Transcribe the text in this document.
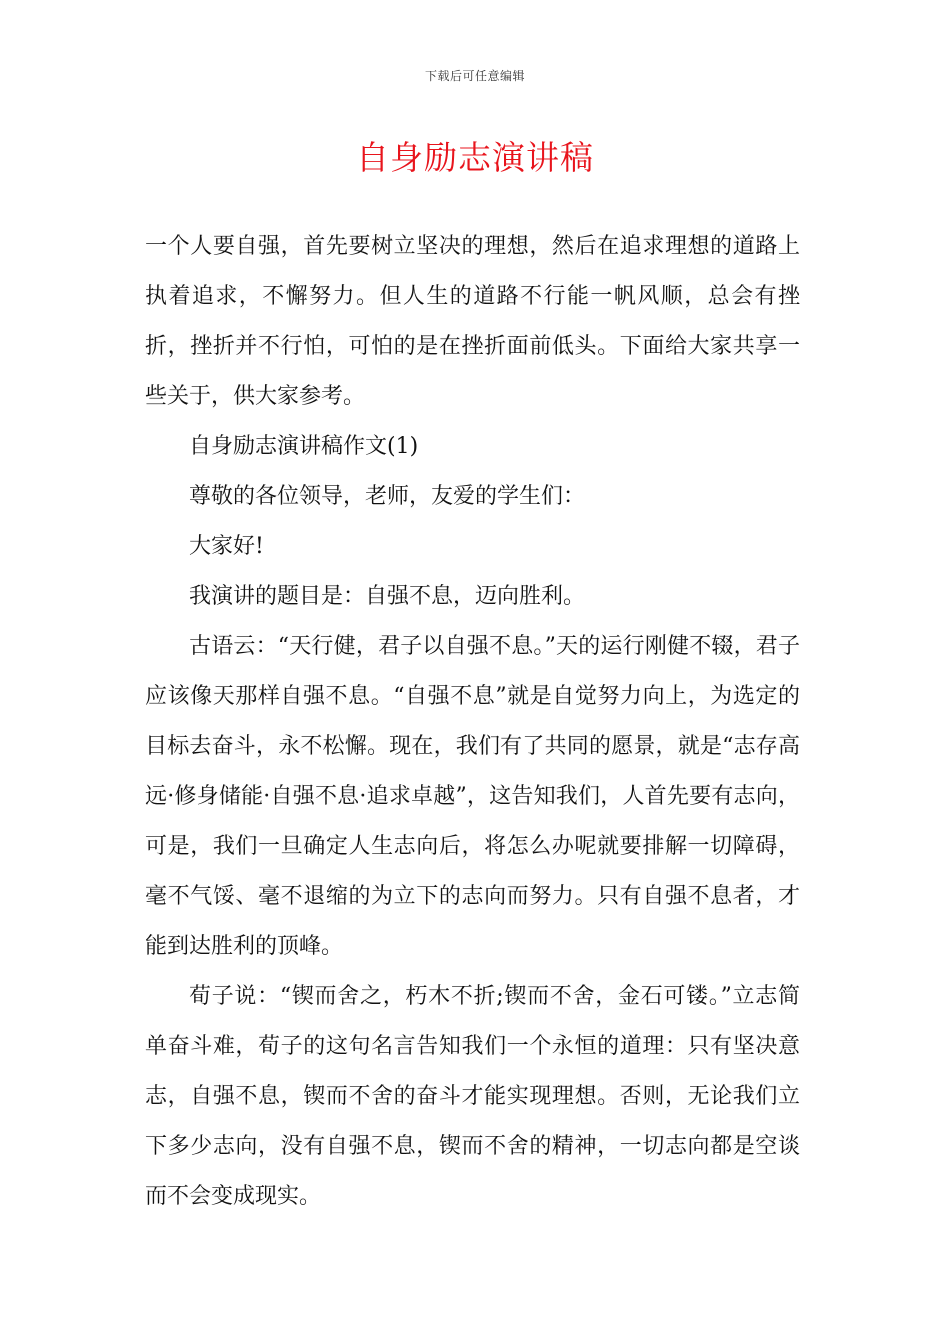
下载后可任意编辑
自身励志演讲稿

一个人要自强，首先要树立坚决的理想，然后在追求理想的道路上执着追求，不懈努力。但人生的道路不行能一帆风顺，总会有挫折，挫折并不行怕，可怕的是在挫折面前低头。下面给大家共享一些关于，供大家参考。

自身励志演讲稿作文(1)

尊敬的各位领导，老师，友爱的学生们：

大家好!

我演讲的题目是：自强不息，迈向胜利。

古语云：“天行健，君子以自强不息。”天的运行刚健不辍，君子应该像天那样自强不息。“自强不息”就是自觉努力向上，为选定的目标去奋斗，永不松懈。现在，我们有了共同的愿景，就是“志存高远·修身储能·自强不息·追求卓越”，这告知我们，人首先要有志向，可是，我们一旦确定人生志向后，将怎么办呢就要排解一切障碍，毫不气馁、毫不退缩的为立下的志向而努力。只有自强不息者，才能到达胜利的顶峰。

荀子说：“锲而舍之，朽木不折;锲而不舍，金石可镂。”立志简单奋斗难，荀子的这句名言告知我们一个永恒的道理：只有坚决意志，自强不息，锲而不舍的奋斗才能实现理想。否则，无论我们立下多少志向，没有自强不息，锲而不舍的精神，一切志向都是空谈而不会变成现实。
